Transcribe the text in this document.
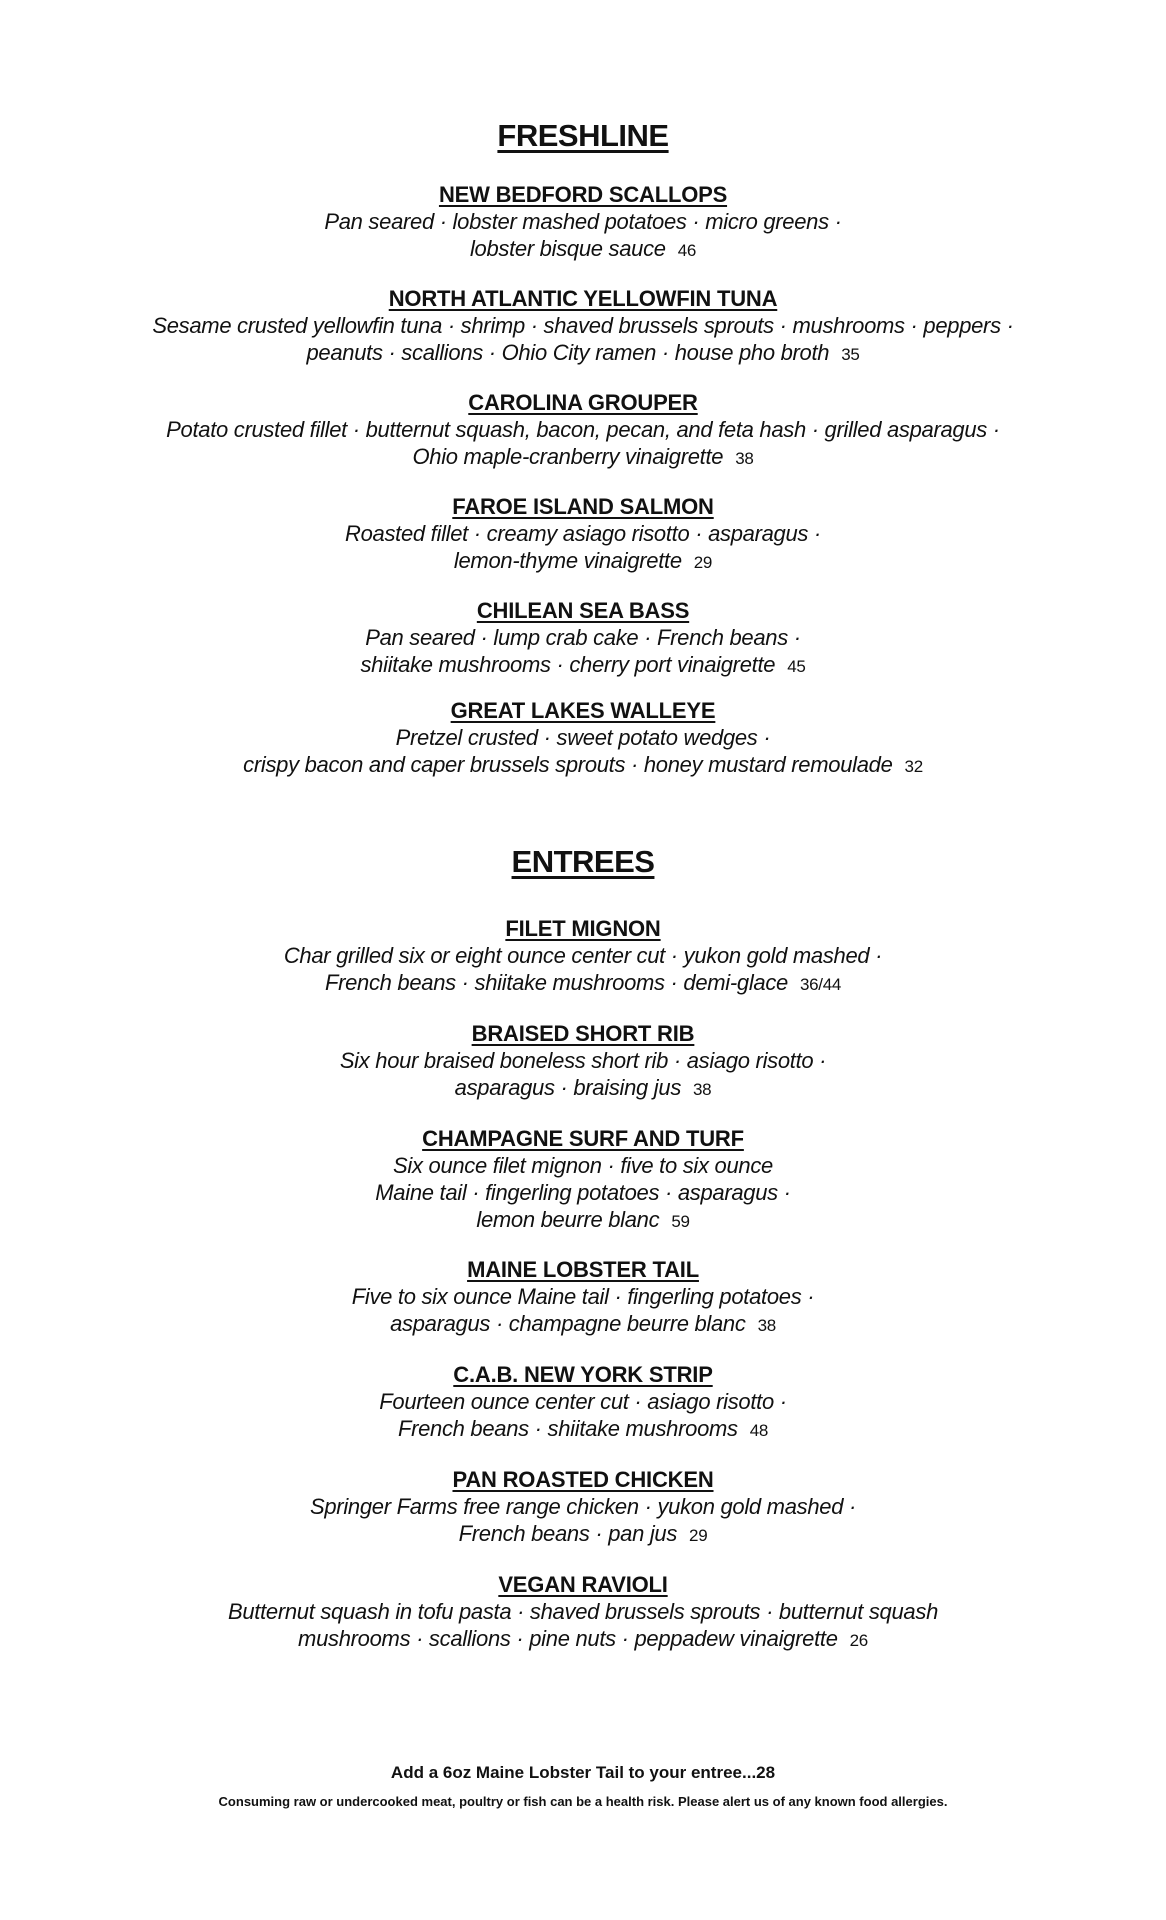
FRESHLINE
NEW BEDFORD SCALLOPS
Pan seared · lobster mashed potatoes · micro greens ·
lobster bisque sauce 46
NORTH ATLANTIC YELLOWFIN TUNA
Sesame crusted yellowfin tuna · shrimp · shaved brussels sprouts · mushrooms · peppers ·
peanuts · scallions · Ohio City ramen · house pho broth 35
CAROLINA GROUPER
Potato crusted fillet · butternut squash, bacon, pecan, and feta hash · grilled asparagus ·
Ohio maple-cranberry vinaigrette 38
FAROE ISLAND SALMON
Roasted fillet · creamy asiago risotto · asparagus ·
lemon-thyme vinaigrette 29
CHILEAN SEA BASS
Pan seared · lump crab cake · French beans ·
shiitake mushrooms · cherry port vinaigrette 45
GREAT LAKES WALLEYE
Pretzel crusted · sweet potato wedges ·
crispy bacon and caper brussels sprouts · honey mustard remoulade 32
ENTREES
FILET MIGNON
Char grilled six or eight ounce center cut · yukon gold mashed ·
French beans · shiitake mushrooms · demi-glace 36/44
BRAISED SHORT RIB
Six hour braised boneless short rib · asiago risotto ·
asparagus · braising jus 38
CHAMPAGNE SURF AND TURF
Six ounce filet mignon · five to six ounce
Maine tail · fingerling potatoes · asparagus ·
lemon beurre blanc 59
MAINE LOBSTER TAIL
Five to six ounce Maine tail · fingerling potatoes ·
asparagus · champagne beurre blanc 38
C.A.B. NEW YORK STRIP
Fourteen ounce center cut · asiago risotto ·
French beans · shiitake mushrooms 48
PAN ROASTED CHICKEN
Springer Farms free range chicken · yukon gold mashed ·
French beans · pan jus 29
VEGAN RAVIOLI
Butternut squash in tofu pasta · shaved brussels sprouts · butternut squash
mushrooms · scallions · pine nuts · peppadew vinaigrette 26
Add a 6oz Maine Lobster Tail to your entree...28
Consuming raw or undercooked meat, poultry or fish can be a health risk. Please alert us of any known food allergies.
